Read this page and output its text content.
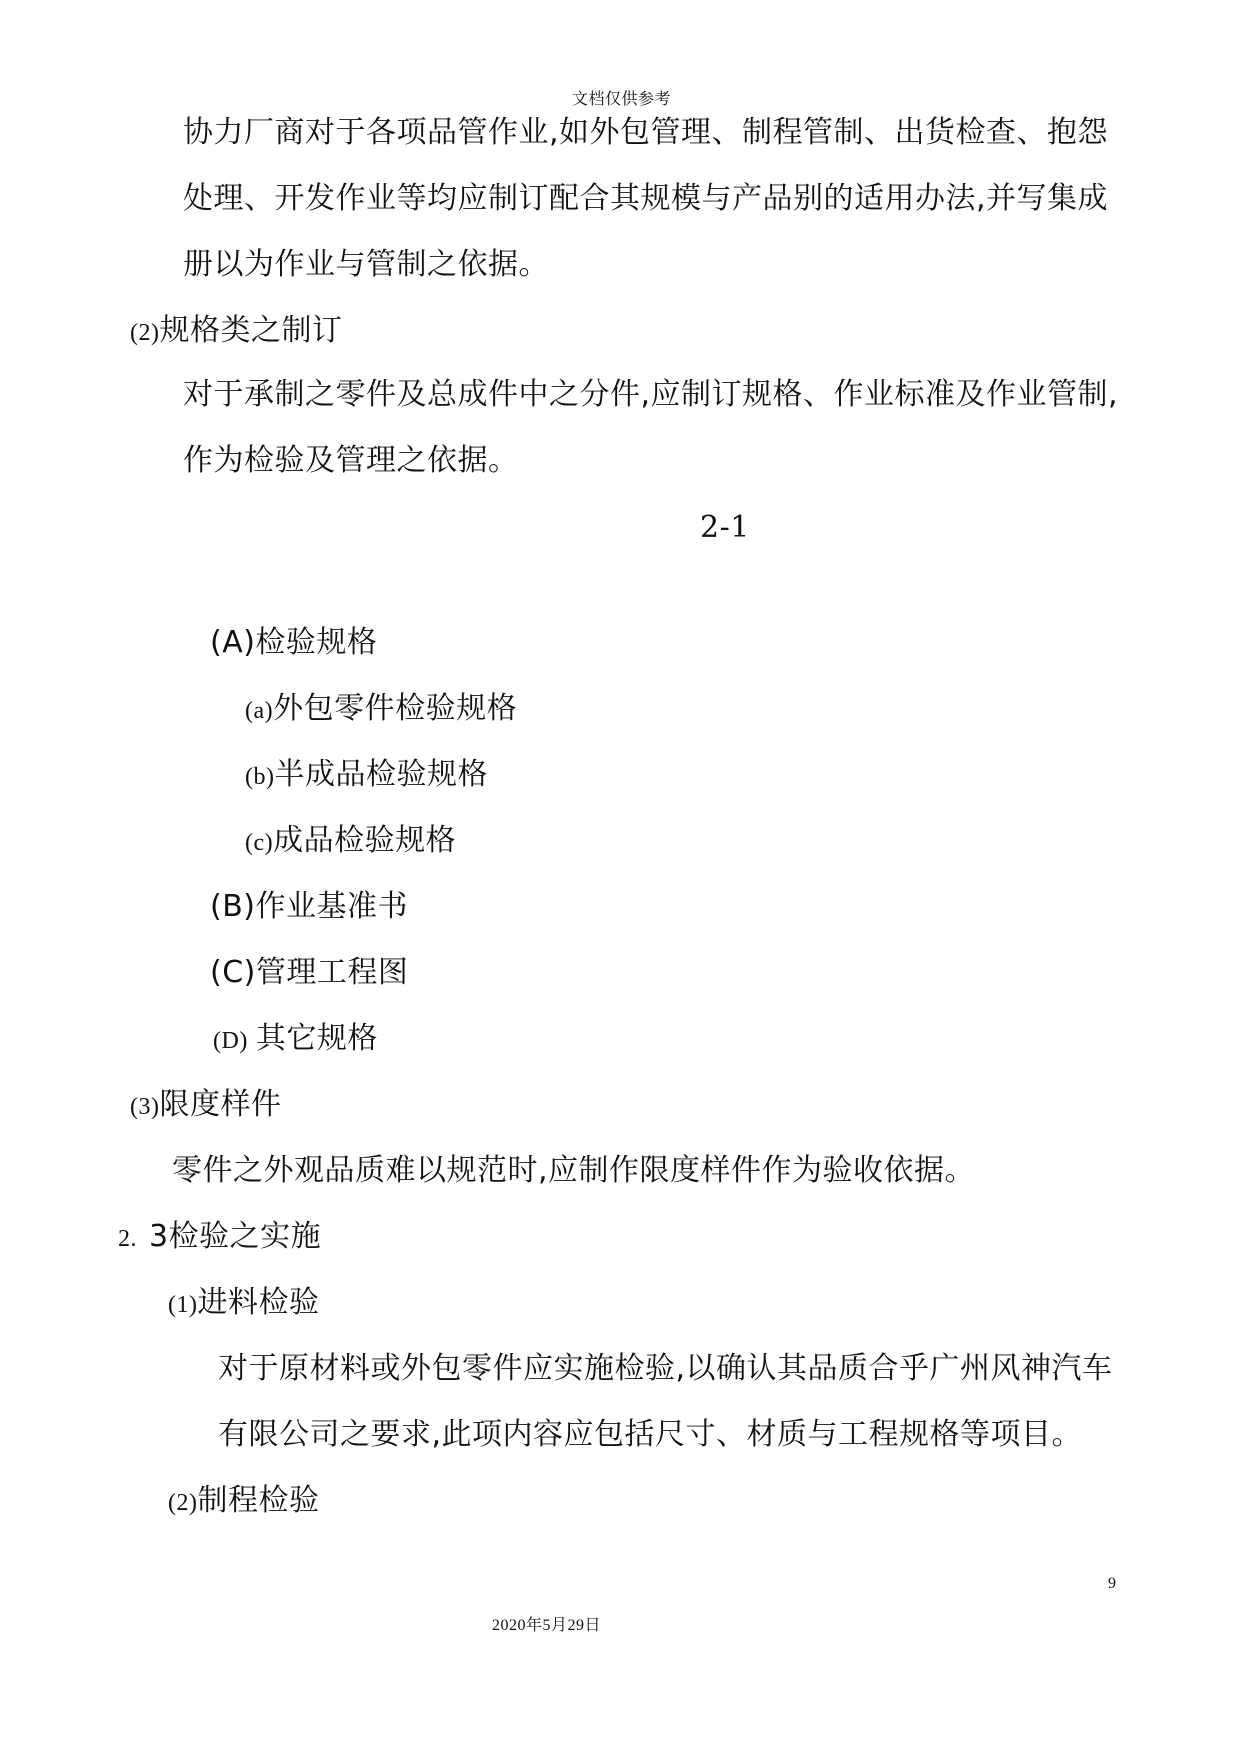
文档仅供参考
协力厂商对于各项品管作业,如外包管理、制程管制、出货检查、抱怨
处理、开发作业等均应制订配合其规模与产品别的适用办法,并写集成
册以为作业与管制之依据。
(2)规格类之制订
对于承制之零件及总成件中之分件,应制订规格、作业标准及作业管制,
作为检验及管理之依据。
2-1
(A)检验规格
(a)外包零件检验规格
(b)半成品检验规格
(c)成品检验规格
(B)作业基准书
(C)管理工程图
(D) 其它规格
(3)限度样件
零件之外观品质难以规范时,应制作限度样件作为验收依据。
2. 3检验之实施
(1)进料检验
对于原材料或外包零件应实施检验,以确认其品质合乎广州风神汽车
有限公司之要求,此项内容应包括尺寸、材质与工程规格等项目。
(2)制程检验
9
2020年5月29日
